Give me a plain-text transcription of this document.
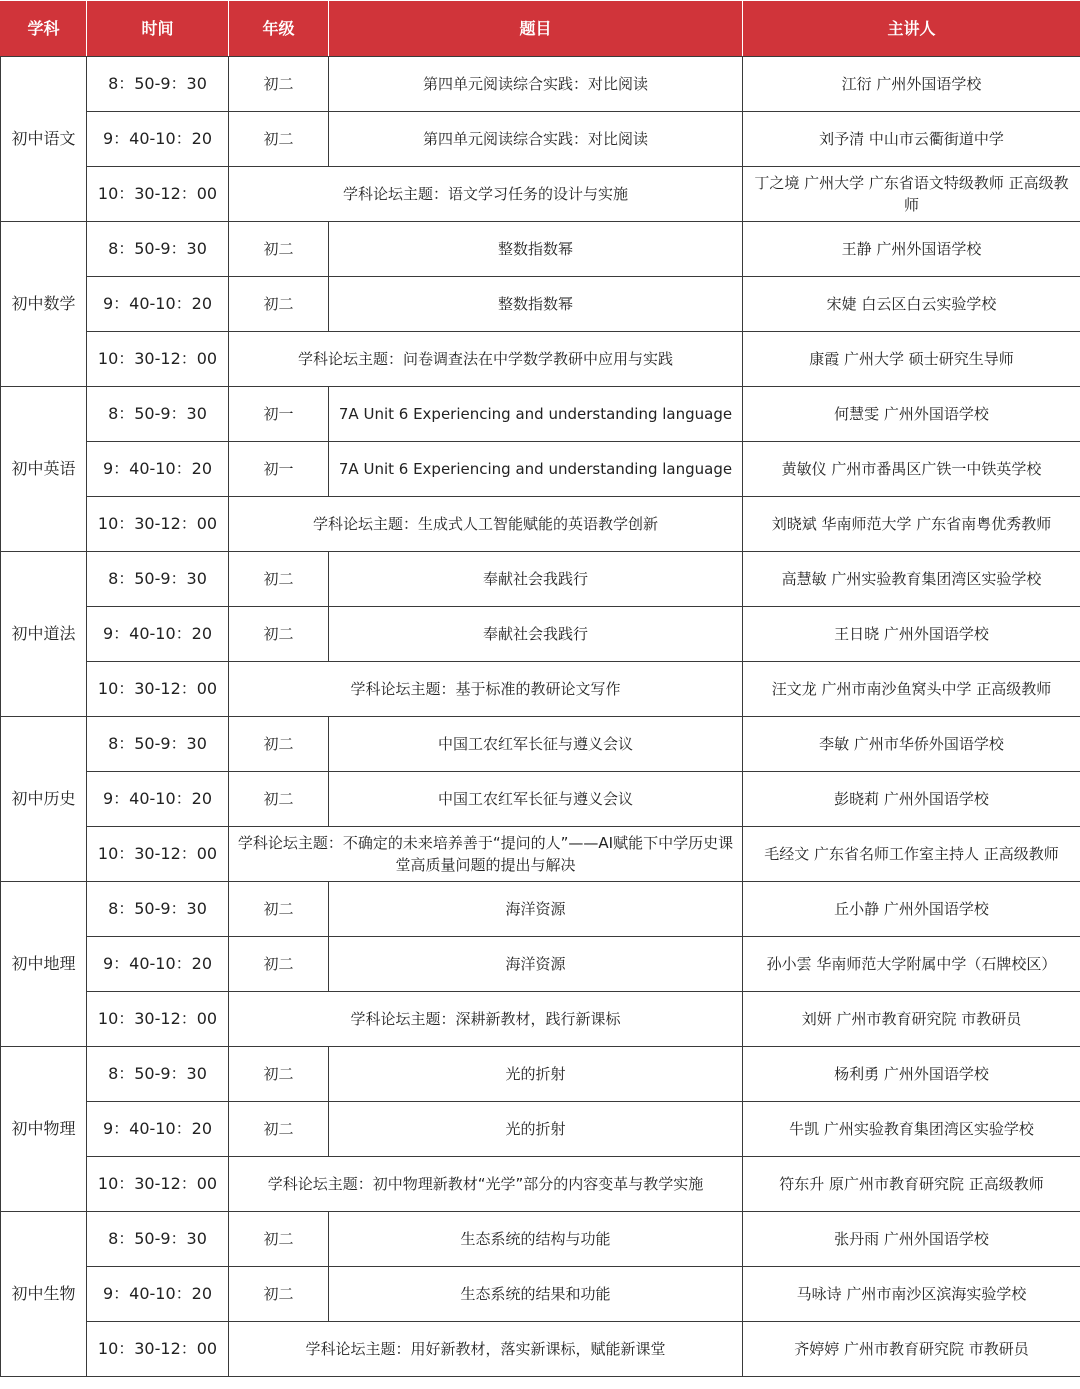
学科	时间	年级	题目	主讲人
初中语文	8：50-9：30	初二	第四单元阅读综合实践：对比阅读	江衍 广州外国语学校
	9：40-10：20	初二	第四单元阅读综合实践：对比阅读	刘予清 中山市云衢街道中学
	10：30-12：00	学科论坛主题：语文学习任务的设计与实施		丁之境 广州大学 广东省语文特级教师 正高级教师
初中数学	8：50-9：30	初二	整数指数幂	王静 广州外国语学校
	9：40-10：20	初二	整数指数幂	宋婕 白云区白云实验学校
	10：30-12：00	学科论坛主题：问卷调查法在中学数学教研中应用与实践		康霞 广州大学 硕士研究生导师
初中英语	8：50-9：30	初一	7A Unit 6 Experiencing and understanding language	何慧雯 广州外国语学校
	9：40-10：20	初一	7A Unit 6 Experiencing and understanding language	黄敏仪 广州市番禺区广铁一中铁英学校
	10：30-12：00	学科论坛主题：生成式人工智能赋能的英语教学创新		刘晓斌 华南师范大学 广东省南粤优秀教师
初中道法	8：50-9：30	初二	奉献社会我践行	高慧敏 广州实验教育集团湾区实验学校
	9：40-10：20	初二	奉献社会我践行	王日晓 广州外国语学校
	10：30-12：00	学科论坛主题：基于标准的教研论文写作		汪文龙 广州市南沙鱼窝头中学 正高级教师
初中历史	8：50-9：30	初二	中国工农红军长征与遵义会议	李敏 广州市华侨外国语学校
	9：40-10：20	初二	中国工农红军长征与遵义会议	彭晓莉 广州外国语学校
	10：30-12：00	学科论坛主题：不确定的未来培养善于“提问的人”——AI赋能下中学历史课堂高质量问题的提出与解决		毛经文 广东省名师工作室主持人 正高级教师
初中地理	8：50-9：30	初二	海洋资源	丘小静 广州外国语学校
	9：40-10：20	初二	海洋资源	孙小雲 华南师范大学附属中学（石牌校区）
	10：30-12：00	学科论坛主题：深耕新教材，践行新课标		刘妍 广州市教育研究院 市教研员
初中物理	8：50-9：30	初二	光的折射	杨利勇 广州外国语学校
	9：40-10：20	初二	光的折射	牛凯 广州实验教育集团湾区实验学校
	10：30-12：00	学科论坛主题：初中物理新教材“光学”部分的内容变革与教学实施		符东升 原广州市教育研究院 正高级教师
初中生物	8：50-9：30	初二	生态系统的结构与功能	张丹雨 广州外国语学校
	9：40-10：20	初二	生态系统的结果和功能	马咏诗 广州市南沙区滨海实验学校
	10：30-12：00	学科论坛主题：用好新教材，落实新课标，赋能新课堂		齐婷婷 广州市教育研究院 市教研员
